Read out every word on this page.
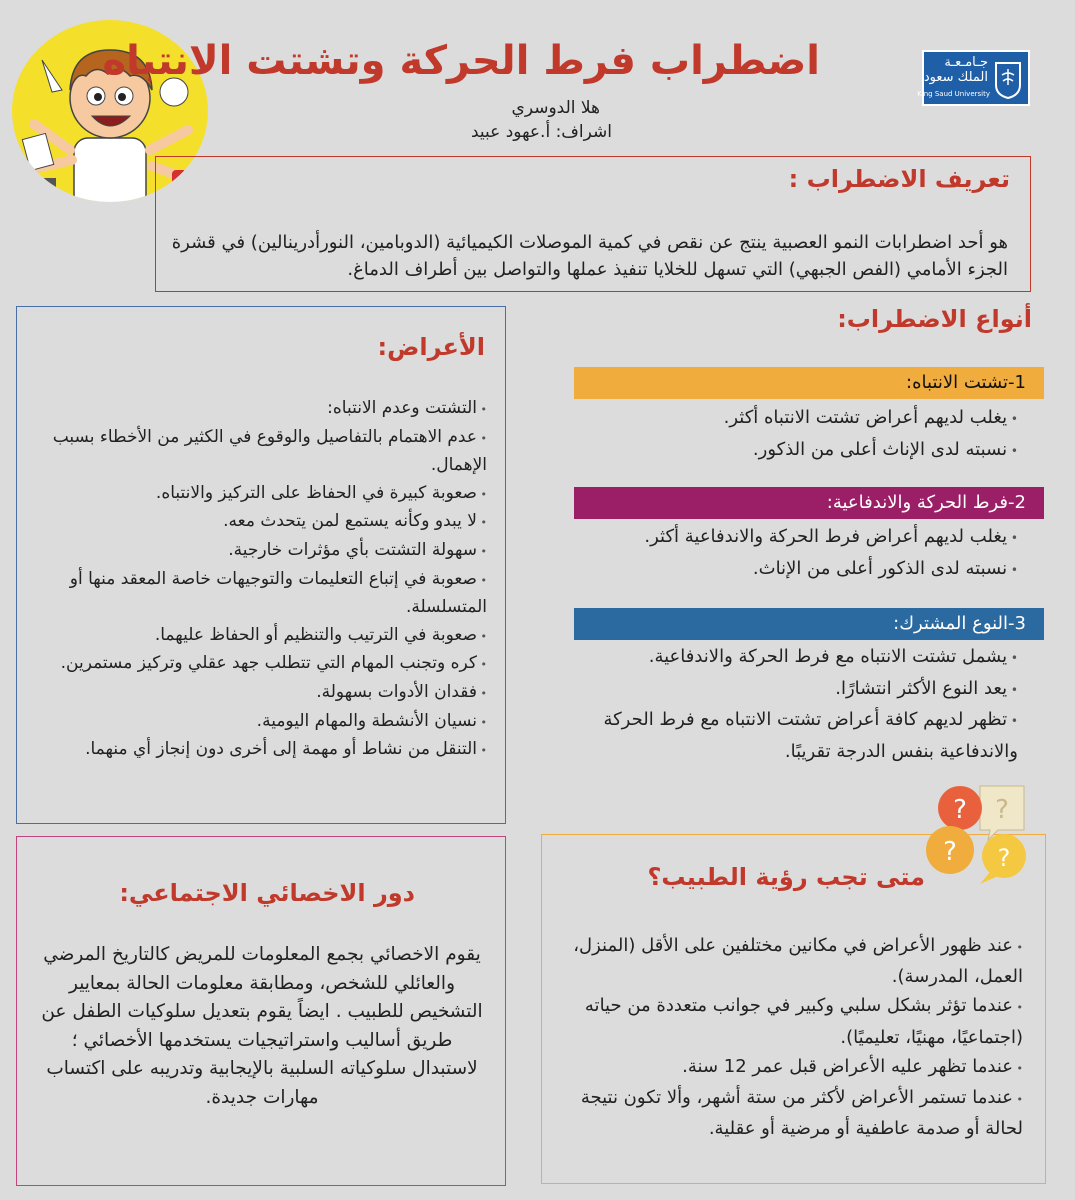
اضطراب فرط الحركة وتشتت الانتباه
هلا الدوسري
اشراف: أ.عهود عبيد
جـامـعـة
الملك سعود
King Saud University
تعريف الاضطراب :
هو أحد اضطرابات النمو العصبية ينتج عن نقص في كمية الموصلات الكيميائية (الدوبامين، النورأدرينالين) في قشرة الجزء الأمامي (الفص الجبهي) التي تسهل للخلايا تنفيذ عملها والتواصل بين أطراف الدماغ.
الأعراض:
• التشتت وعدم الانتباه:
• عدم الاهتمام بالتفاصيل والوقوع في الكثير من الأخطاء بسبب الإهمال.
• صعوبة كبيرة في الحفاظ على التركيز والانتباه.
• لا يبدو وكأنه يستمع لمن يتحدث معه.
• سهولة التشتت بأي مؤثرات خارجية.
• صعوبة في إتباع التعليمات والتوجيهات خاصة المعقد منها أو المتسلسلة.
• صعوبة في الترتيب والتنظيم أو الحفاظ عليهما.
• كره وتجنب المهام التي تتطلب جهد عقلي وتركيز مستمرين.
• فقدان الأدوات بسهولة.
• نسيان الأنشطة والمهام اليومية.
• التنقل من نشاط أو مهمة إلى أخرى دون إنجاز أي منهما.
أنواع الاضطراب:
1-تشتت الانتباه:
• يغلب لديهم أعراض تشتت الانتباه أكثر.
• نسبته لدى الإناث أعلى من الذكور.
2-فرط الحركة والاندفاعية:
• يغلب لديهم أعراض فرط الحركة والاندفاعية أكثر.
• نسبته لدى الذكور أعلى من الإناث.
3-النوع المشترك:
• يشمل تشتت الانتباه مع فرط الحركة والاندفاعية.
• يعد النوع الأكثر انتشارًا.
• تظهر لديهم كافة أعراض تشتت الانتباه مع فرط الحركة والاندفاعية بنفس الدرجة تقريبًا.
دور الاخصائي الاجتماعي:
يقوم الاخصائي بجمع المعلومات للمريض كالتاريخ المرضي والعائلي للشخص، ومطابقة معلومات الحالة بمعايير التشخيص للطبيب . ايضاً يقوم بتعديل سلوكيات الطفل عن طريق أساليب واستراتيجيات يستخدمها الأخصائي ؛ لاستبدال سلوكياته السلبية بالإيجابية وتدريبه على اكتساب مهارات جديدة.
متى تجب رؤية الطبيب؟
• عند ظهور الأعراض في مكانين مختلفين على الأقل (المنزل، العمل، المدرسة).
• عندما تؤثر بشكل سلبي وكبير في جوانب متعددة من حياته (اجتماعيًا، مهنيًا، تعليميًا).
• عندما تظهر عليه الأعراض قبل عمر 12 سنة.
• عندما تستمر الأعراض لأكثر من ستة أشهر، وألا تكون نتيجة لحالة أو صدمة عاطفية أو مرضية أو عقلية.
?
?
? ?
